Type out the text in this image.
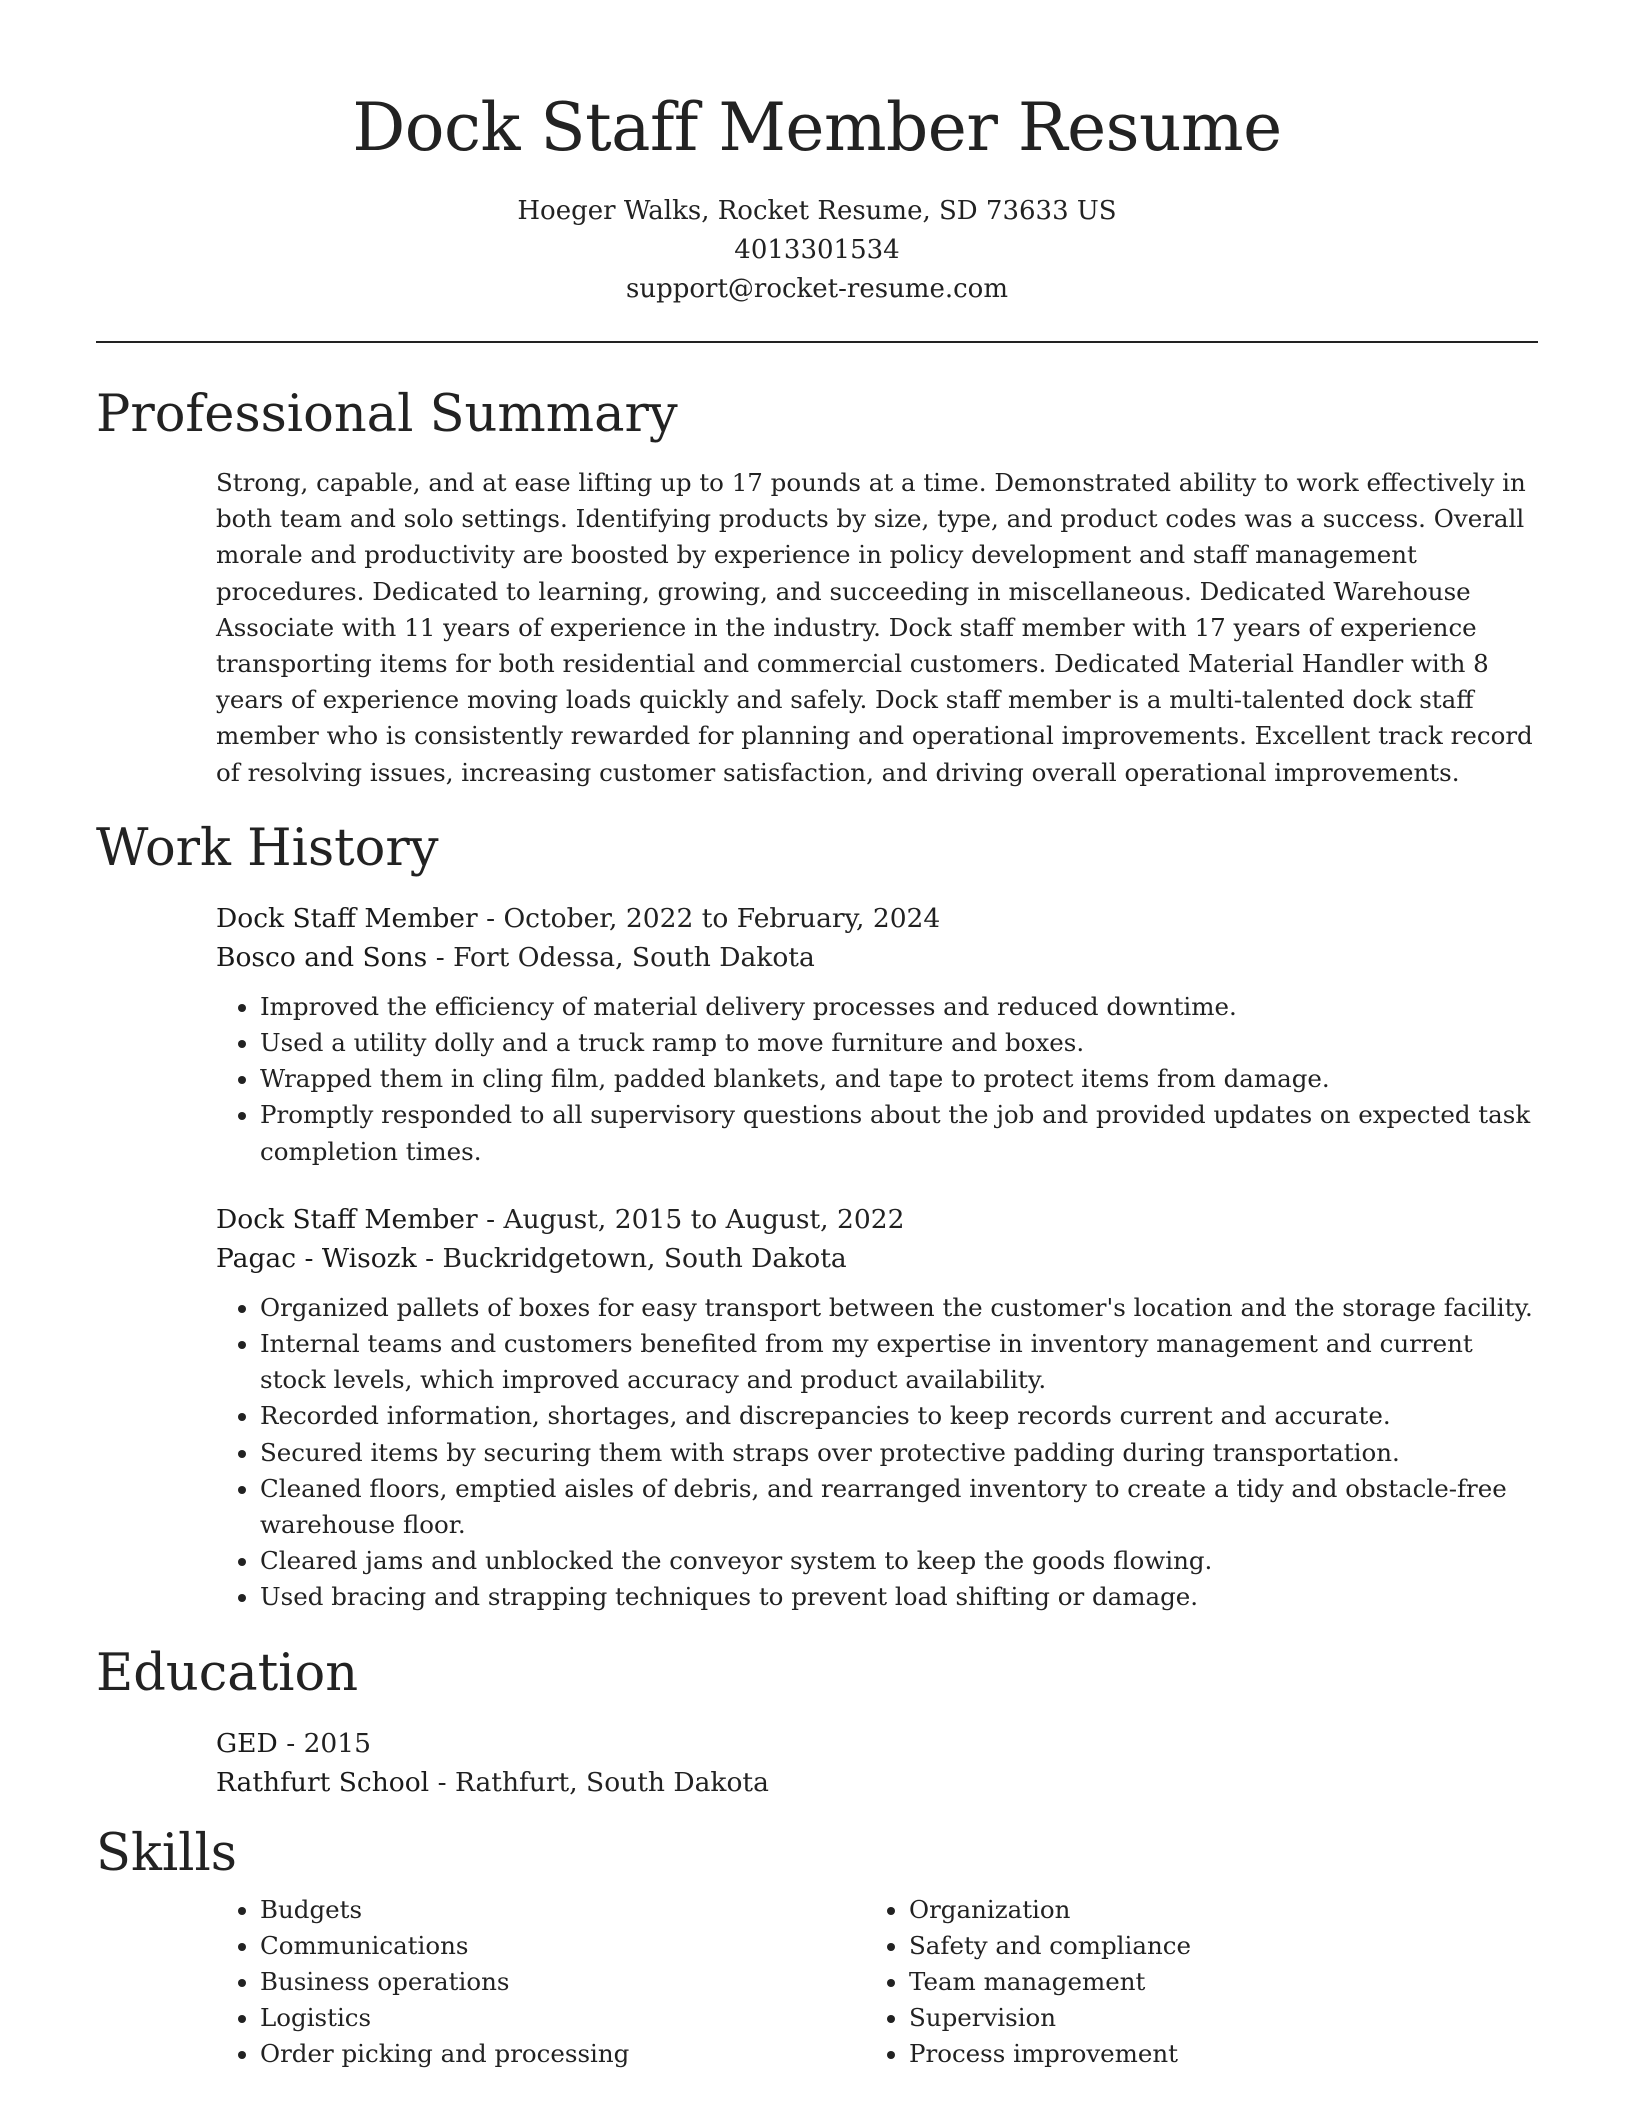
Dock Staff Member Resume
Hoeger Walks, Rocket Resume, SD 73633 US
4013301534
support@rocket-resume.com
Professional Summary

Strong, capable, and at ease lifting up to 17 pounds at a time. Demonstrated ability to work effectively in both team and solo settings. Identifying products by size, type, and product codes was a success. Overall morale and productivity are boosted by experience in policy development and staff management procedures. Dedicated to learning, growing, and succeeding in miscellaneous. Dedicated Warehouse Associate with 11 years of experience in the industry. Dock staff member with 17 years of experience transporting items for both residential and commercial customers. Dedicated Material Handler with 8 years of experience moving loads quickly and safely. Dock staff member is a multi-talented dock staff member who is consistently rewarded for planning and operational improvements. Excellent track record of resolving issues, increasing customer satisfaction, and driving overall operational improvements.

Work History
Dock Staff Member - October, 2022 to February, 2024
Bosco and Sons - Fort Odessa, South Dakota
• Improved the efficiency of material delivery processes and reduced downtime.
• Used a utility dolly and a truck ramp to move furniture and boxes.
• Wrapped them in cling film, padded blankets, and tape to protect items from damage.
• Promptly responded to all supervisory questions about the job and provided updates on expected task completion times.
Dock Staff Member - August, 2015 to August, 2022
Pagac - Wisozk - Buckridgetown, South Dakota
• Organized pallets of boxes for easy transport between the customer's location and the storage facility.
• Internal teams and customers benefited from my expertise in inventory management and current stock levels, which improved accuracy and product availability.
• Recorded information, shortages, and discrepancies to keep records current and accurate.
• Secured items by securing them with straps over protective padding during transportation.
• Cleaned floors, emptied aisles of debris, and rearranged inventory to create a tidy and obstacle-free warehouse floor.
• Cleared jams and unblocked the conveyor system to keep the goods flowing.
• Used bracing and strapping techniques to prevent load shifting or damage.
Education
GED - 2015
Rathfurt School - Rathfurt, South Dakota
Skills
• Budgets
• Communications
• Business operations
• Logistics
• Order picking and processing
• Organization
• Safety and compliance
• Team management
• Supervision
• Process improvement
